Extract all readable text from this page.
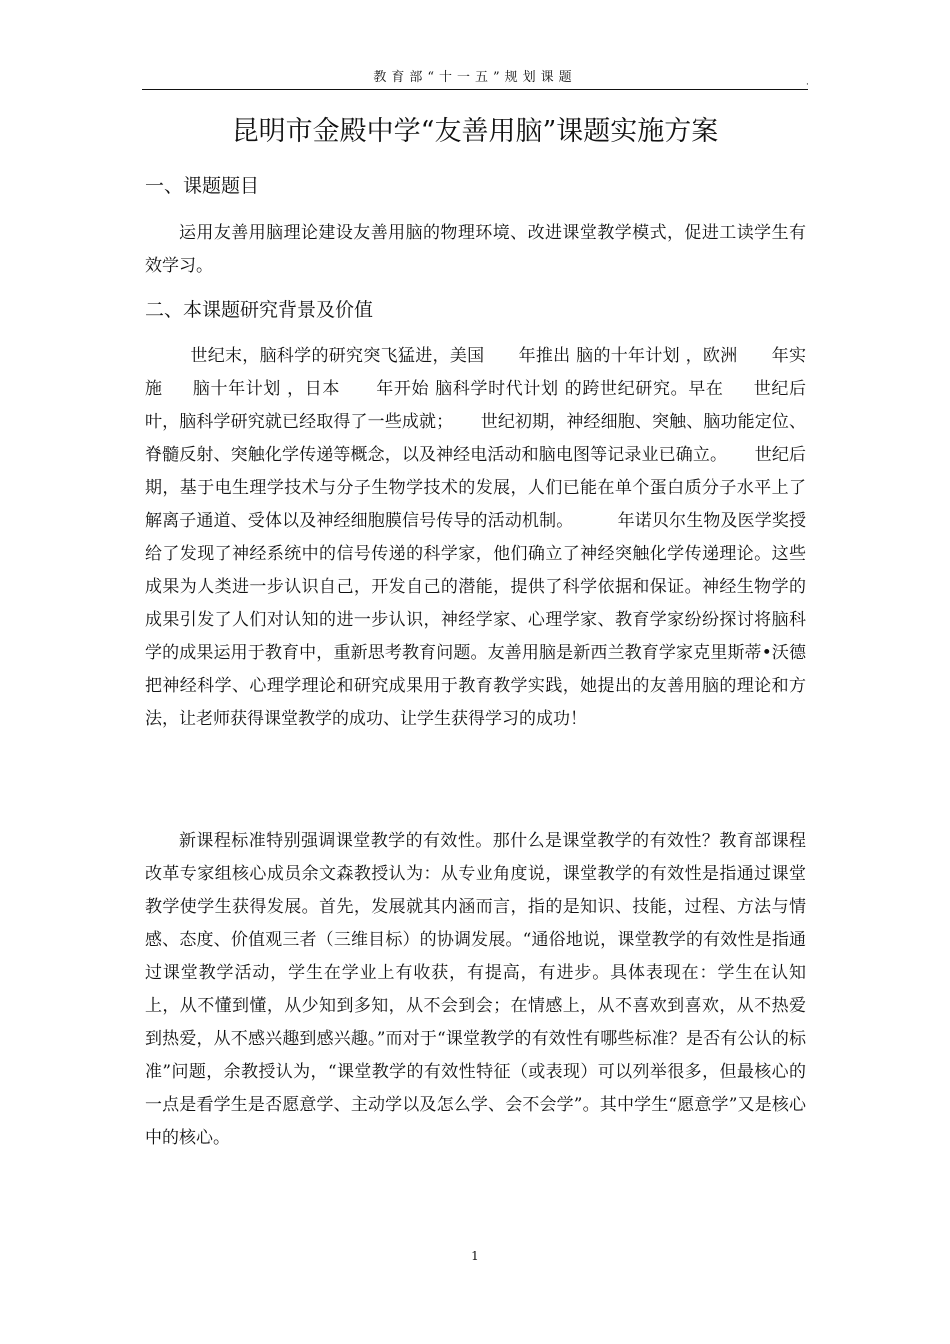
教育部“十一五”规划课题	·
昆明市金殿中学“友善用脑”课题实施方案
一、课题题目

运用友善用脑理论建设友善用脑的物理环境、改进课堂教学模式，促进工读学生有效学习。

二、本课题研究背景及价值

世纪末，脑科学的研究突飞猛进，美国      年推出 脑的十年计划 ，欧洲      年实施     脑十年计划 ，日本      年开始 脑科学时代计划 的跨世纪研究。早在     世纪后叶，脑科学研究就已经取得了一些成就；     世纪初期，神经细胞、突触、脑功能定位、脊髓反射、突触化学传递等概念，以及神经电活动和脑电图等记录业已确立。     世纪后期，基于电生理学技术与分子生物学技术的发展，人们已能在单个蛋白质分子水平上了解离子通道、受体以及神经细胞膜信号传导的活动机制。        年诺贝尔生物及医学奖授给了发现了神经系统中的信号传递的科学家，他们确立了神经突触化学传递理论。这些成果为人类进一步认识自己，开发自己的潜能，提供了科学依据和保证。神经生物学的成果引发了人们对认知的进一步认识，神经学家、心理学家、教育学家纷纷探讨将脑科学的成果运用于教育中，重新思考教育问题。友善用脑是新西兰教育学家克里斯蒂•沃德把神经科学、心理学理论和研究成果用于教育教学实践，她提出的友善用脑的理论和方法，让老师获得课堂教学的成功、让学生获得学习的成功！

新课程标准特别强调课堂教学的有效性。那什么是课堂教学的有效性？教育部课程改革专家组核心成员余文森教授认为：从专业角度说，课堂教学的有效性是指通过课堂教学使学生获得发展。首先，发展就其内涵而言，指的是知识、技能，过程、方法与情感、态度、价值观三者（三维目标）的协调发展。“通俗地说，课堂教学的有效性是指通过课堂教学活动，学生在学业上有收获，有提高，有进步。具体表现在：学生在认知上，从不懂到懂，从少知到多知，从不会到会；在情感上，从不喜欢到喜欢，从不热爱到热爱，从不感兴趣到感兴趣。”而对于“课堂教学的有效性有哪些标准？是否有公认的标准”问题，余教授认为，“课堂教学的有效性特征（或表现）可以列举很多，但最核心的一点是看学生是否愿意学、主动学以及怎么学、会不会学”。其中学生“愿意学”又是核心中的核心。

1
